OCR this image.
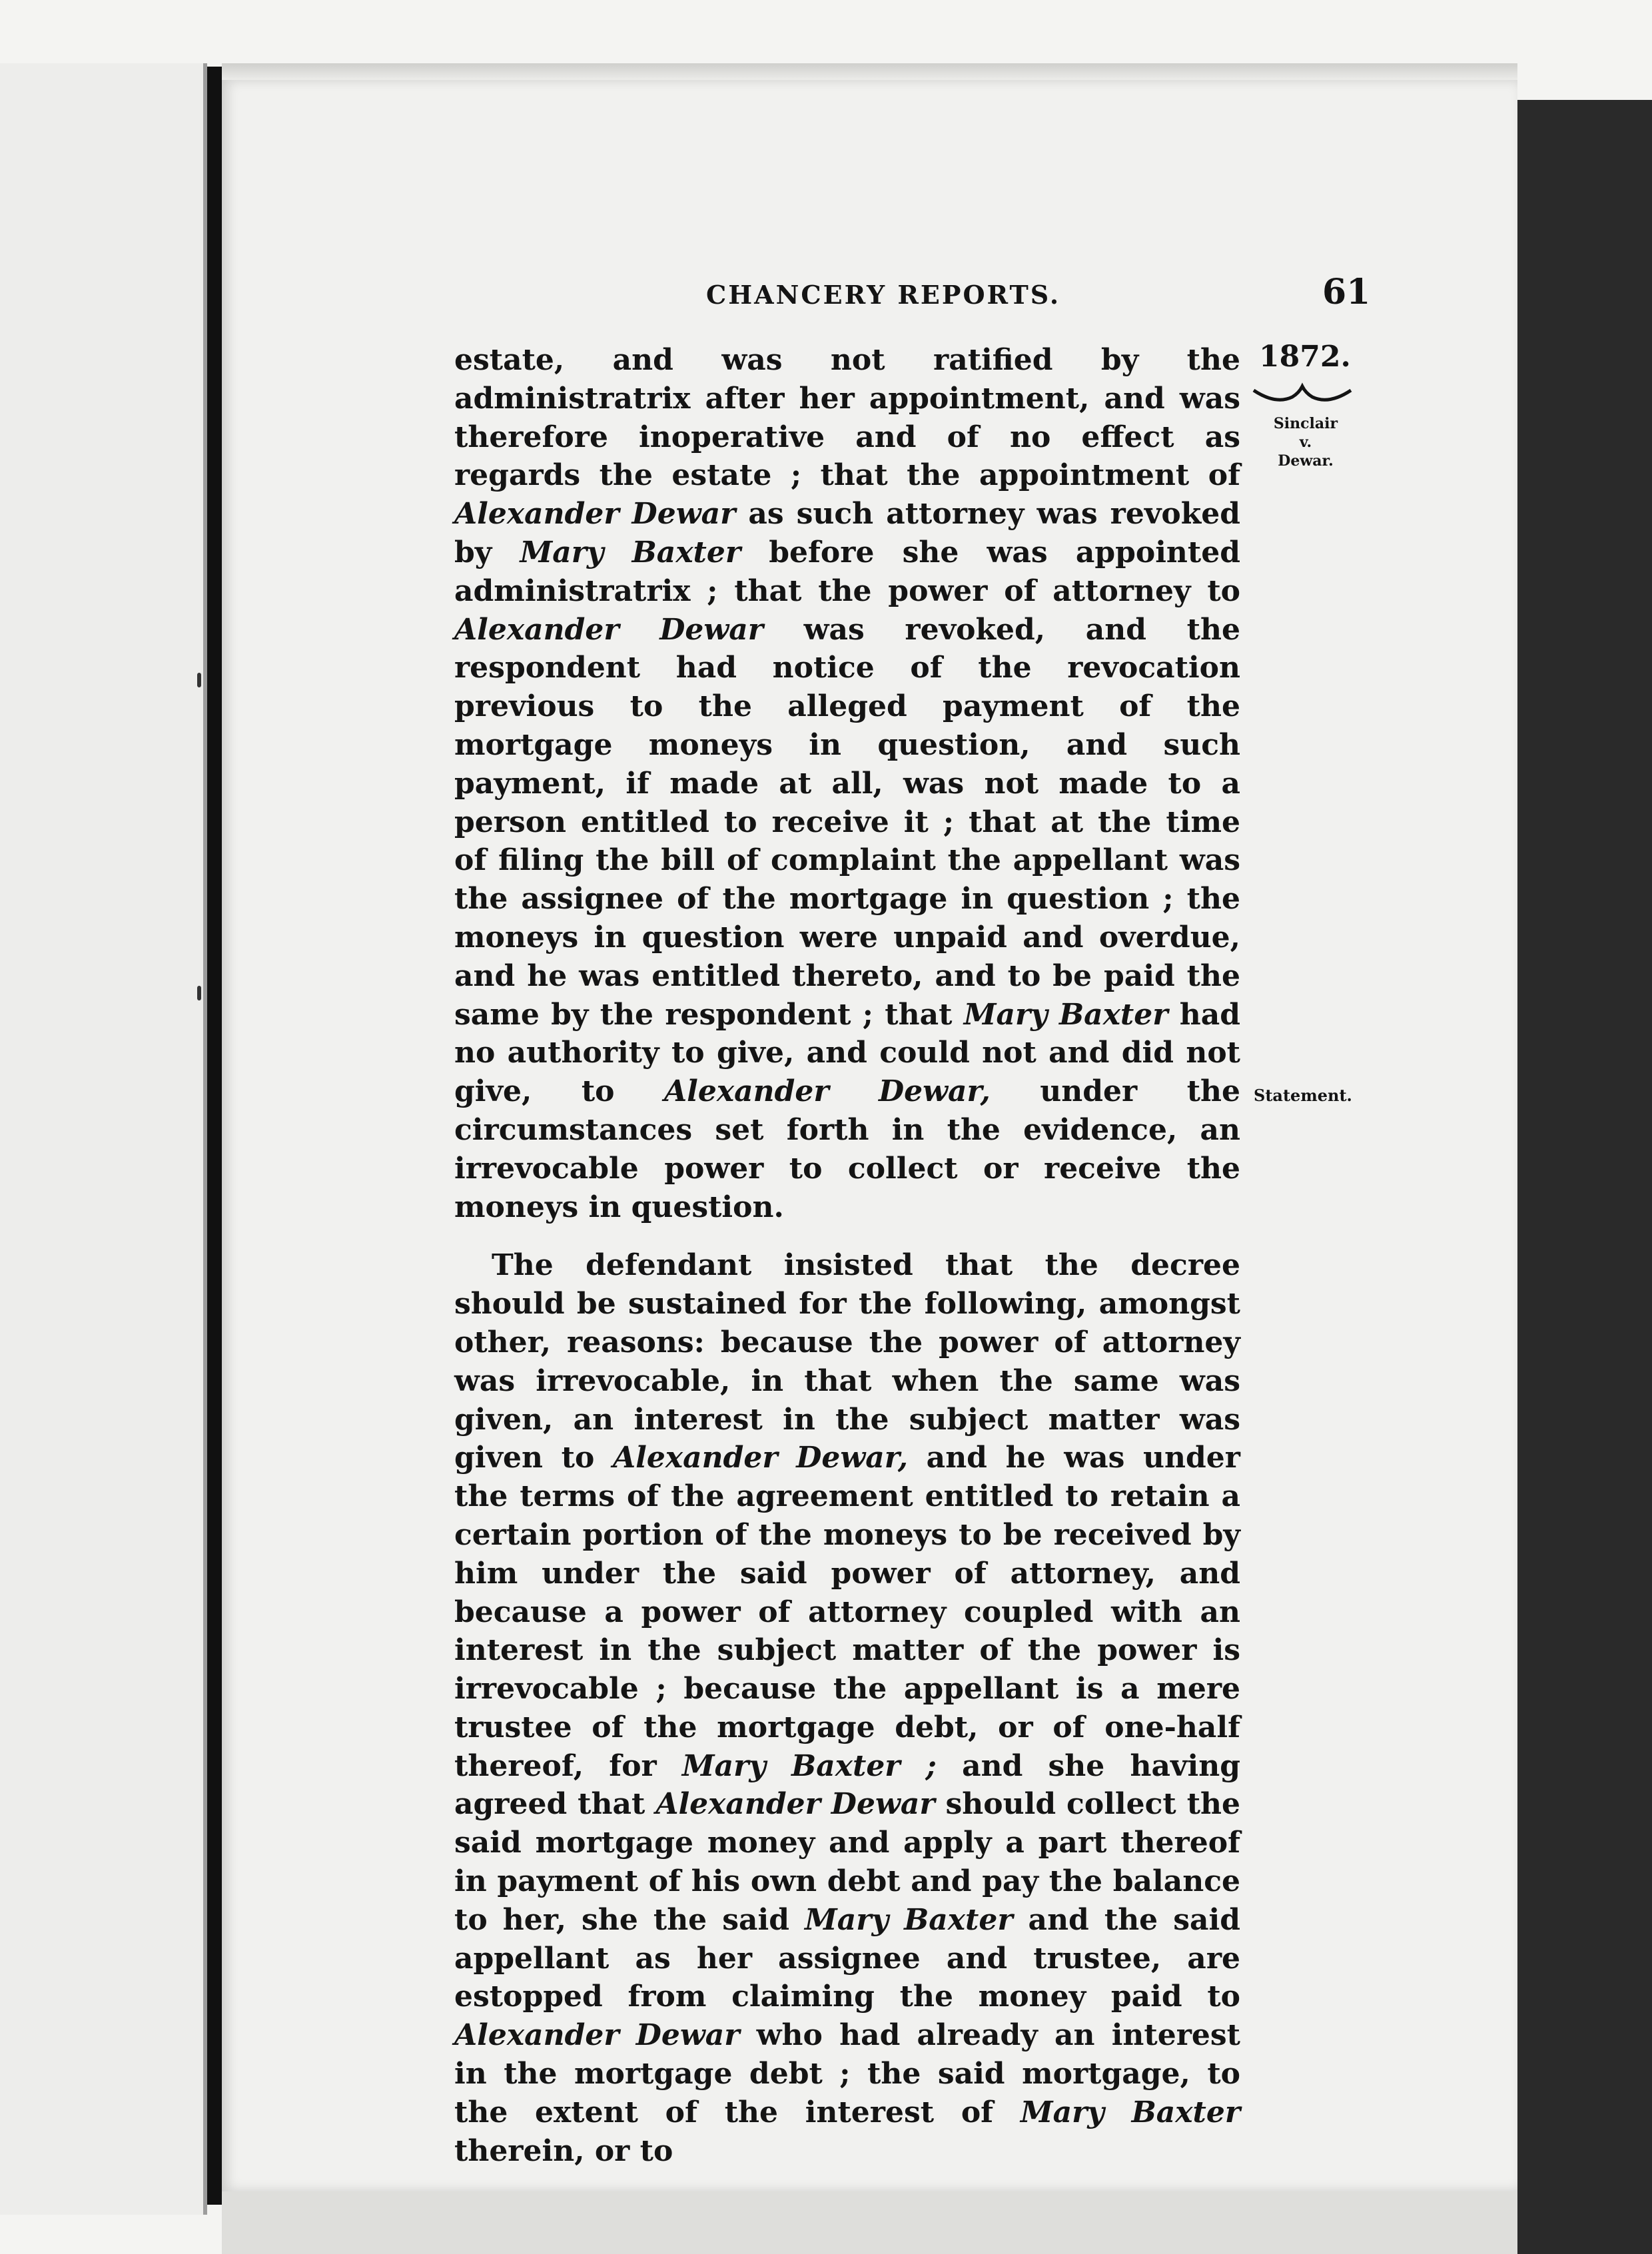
CHANCERY REPORTS.	61
1872.
Sinclair
v.
Dewar.
Statement.

estate, and was not ratified by the administratrix after her appointment, and was therefore inoperative and of no effect as regards the estate ; that the appointment of Alexander Dewar as such attorney was revoked by Mary Baxter before she was appointed administratrix ; that the power of attorney to Alexander Dewar was revoked, and the respondent had notice of the revocation previous to the alleged payment of the mortgage moneys in question, and such payment, if made at all, was not made to a person entitled to receive it ; that at the time of filing the bill of complaint the appellant was the assignee of the mortgage in question ; the moneys in question were unpaid and overdue, and he was entitled thereto, and to be paid the same by the respondent ; that Mary Baxter had no authority to give, and could not and did not give, to Alexander Dewar, under the circumstances set forth in the evidence, an irrevocable power to collect or receive the moneys in question.

The defendant insisted that the decree should be sustained for the following, amongst other, reasons: because the power of attorney was irrevocable, in that when the same was given, an interest in the subject matter was given to Alexander Dewar, and he was under the terms of the agreement entitled to retain a certain portion of the moneys to be received by him under the said power of attorney, and because a power of attorney coupled with an interest in the subject matter of the power is irrevocable ; because the appellant is a mere trustee of the mortgage debt, or of one-half thereof, for Mary Baxter ; and she having agreed that Alexander Dewar should collect the said mortgage money and apply a part thereof in payment of his own debt and pay the balance to her, she the said Mary Baxter and the said appellant as her assignee and trustee, are estopped from claiming the money paid to Alexander Dewar who had already an interest in the mortgage debt ; the said mortgage, to the extent of the interest of Mary Baxter therein, or to
